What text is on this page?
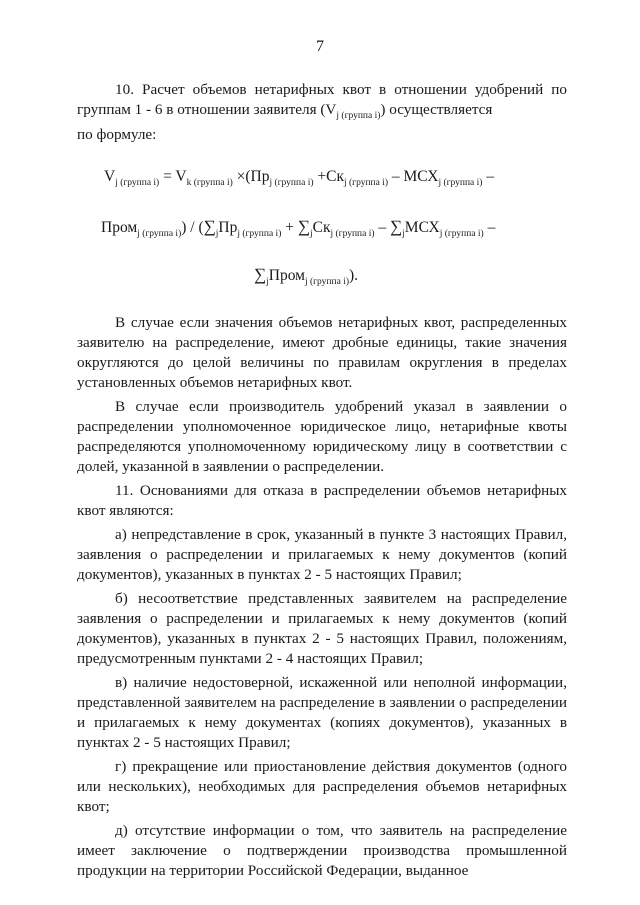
7

10. Расчет объемов нетарифных квот в отношении удобрений по группам 1 - 6 в отношении заявителя $(V_{j (группа i)})$ осуществляется

по формуле:

$V_{j (группа i)} = V_{k (группа i)} \times(Пр_{j (группа i)} +Ск_{j (группа i)} - МСХ_{j (группа i)}$ –
Пром$_{j (группа i)}$) / ($\sum_jПр_{j (группа i)} + \sum_jСк_{j (группа i)} - \sum_jМСХ_{j (группа i)}$ –
$\sum_jПром_{j (группа i)}$).

В случае если значения объемов нетарифных квот, распределенных заявителю на распределение, имеют дробные единицы, такие значения округляются до целой величины по правилам округления в пределах установленных объемов нетарифных квот.

В случае если производитель удобрений указал в заявлении о распределении уполномоченное юридическое лицо, нетарифные квоты распределяются уполномоченному юридическому лицу в соответствии с долей, указанной в заявлении о распределении.

11. Основаниями для отказа в распределении объемов нетарифных квот являются:

а) непредставление в срок, указанный в пункте 3 настоящих Правил, заявления о распределении и прилагаемых к нему документов (копий документов), указанных в пунктах 2 - 5 настоящих Правил;

б) несоответствие представленных заявителем на распределение заявления о распределении и прилагаемых к нему документов (копий документов), указанных в пунктах 2 - 5 настоящих Правил, положениям, предусмотренным пунктами 2 - 4 настоящих Правил;

в) наличие недостоверной, искаженной или неполной информации, представленной заявителем на распределение в заявлении о распределении и прилагаемых к нему документах (копиях документов), указанных в пунктах 2 - 5 настоящих Правил;

г) прекращение или приостановление действия документов (одного или нескольких), необходимых для распределения объемов нетарифных квот;

д) отсутствие информации о том, что заявитель на распределение имеет заключение о подтверждении производства промышленной продукции на территории Российской Федерации, выданное
